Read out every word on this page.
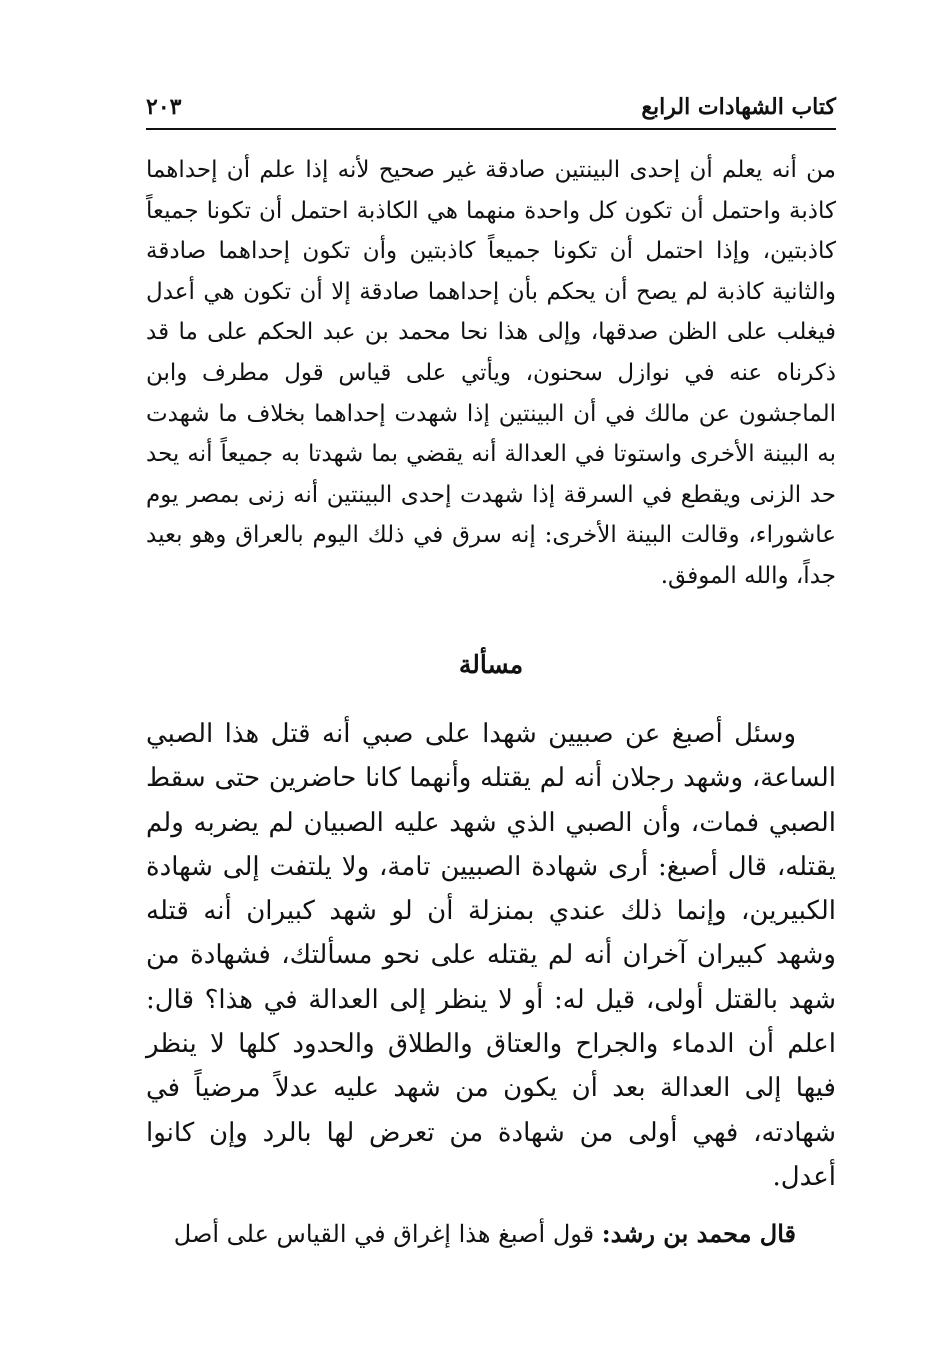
كتاب الشهادات الرابع
٢٠٣

من أنه يعلم أن إحدى البينتين صادقة غير صحيح لأنه إذا علم أن إحداهما كاذبة واحتمل أن تكون كل واحدة منهما هي الكاذبة احتمل أن تكونا جميعاً كاذبتين، وإذا احتمل أن تكونا جميعاً كاذبتين وأن تكون إحداهما صادقة والثانية كاذبة لم يصح أن يحكم بأن إحداهما صادقة إلا أن تكون هي أعدل فيغلب على الظن صدقها، وإلى هذا نحا محمد بن عبد الحكم على ما قد ذكرناه عنه في نوازل سحنون، ويأتي على قياس قول مطرف وابن الماجشون عن مالك في أن البينتين إذا شهدت إحداهما بخلاف ما شهدت به البينة الأخرى واستوتا في العدالة أنه يقضي بما شهدتا به جميعاً أنه يحد حد الزنى ويقطع في السرقة إذا شهدت إحدى البينتين أنه زنى بمصر يوم عاشوراء، وقالت البينة الأخرى: إنه سرق في ذلك اليوم بالعراق وهو بعيد جداً، والله الموفق.

مسألة

وسئل أصبغ عن صبيين شهدا على صبي أنه قتل هذا الصبي الساعة، وشهد رجلان أنه لم يقتله وأنهما كانا حاضرين حتى سقط الصبي فمات، وأن الصبي الذي شهد عليه الصبيان لم يضربه ولم يقتله، قال أصبغ: أرى شهادة الصبيين تامة، ولا يلتفت إلى شهادة الكبيرين، وإنما ذلك عندي بمنزلة أن لو شهد كبيران أنه قتله وشهد كبيران آخران أنه لم يقتله على نحو مسألتك، فشهادة من شهد بالقتل أولى، قيل له: أو لا ينظر إلى العدالة في هذا؟ قال: اعلم أن الدماء والجراح والعتاق والطلاق والحدود كلها لا ينظر فيها إلى العدالة بعد أن يكون من شهد عليه عدلاً مرضياً في شهادته، فهي أولى من شهادة من تعرض لها بالرد وإن كانوا أعدل.

قال محمد بن رشد: قول أصبغ هذا إغراق في القياس على أصل
